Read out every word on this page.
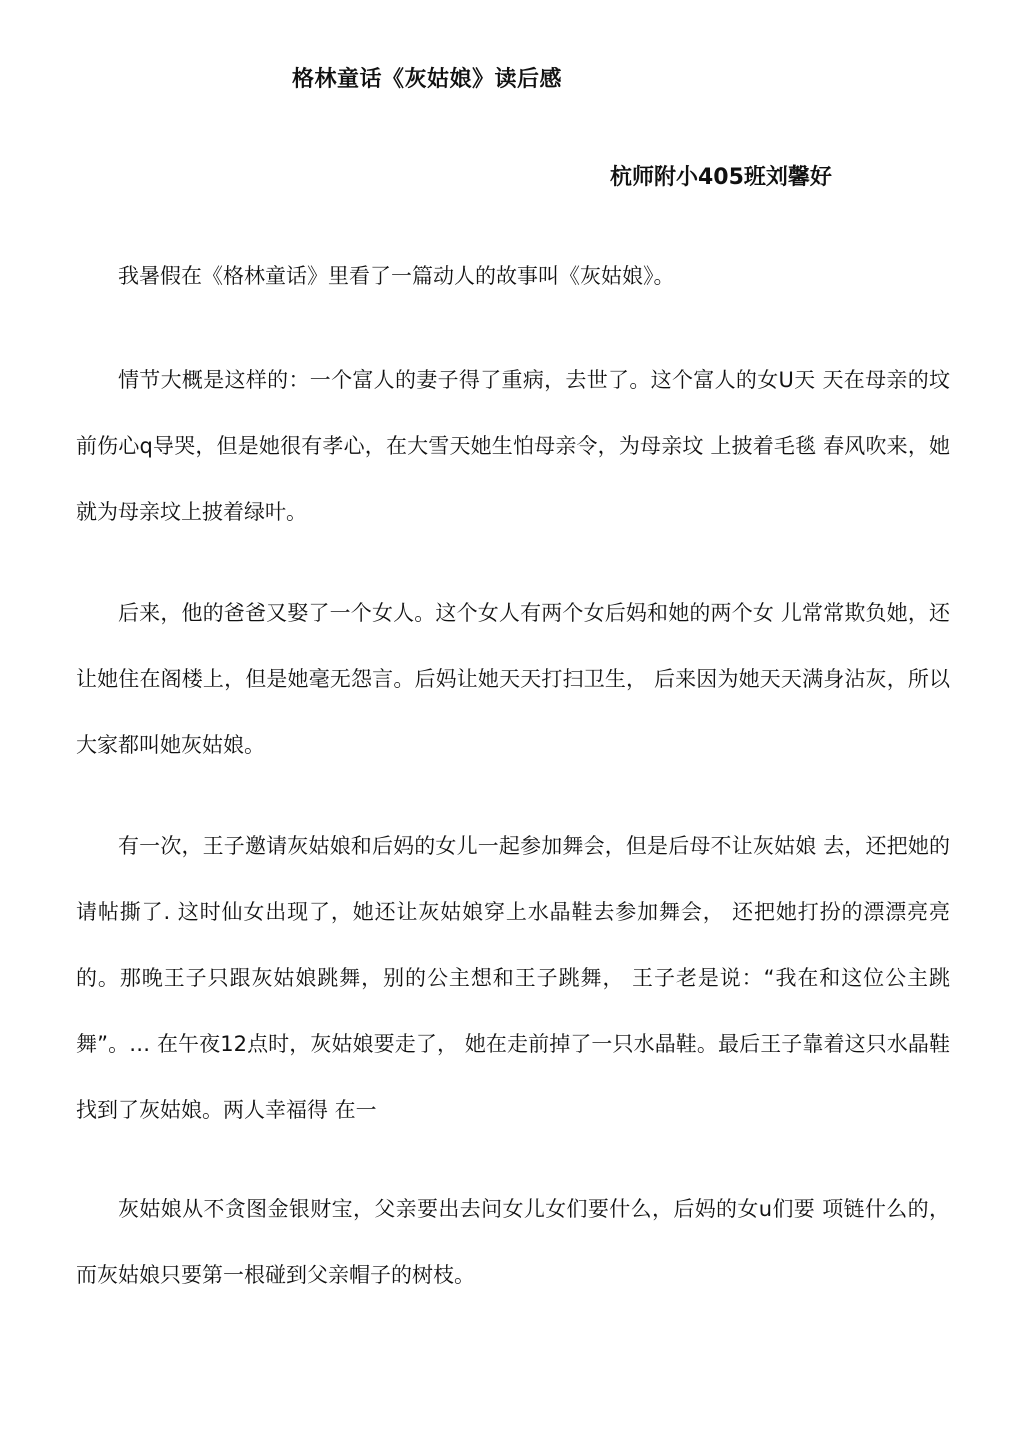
格林童话《灰姑娘》读后感
杭师附小405班刘馨好

我暑假在《格林童话》里看了一篇动人的故事叫《灰姑娘》。

情节大概是这样的：一个富人的妻子得了重病，去世了。这个富人的女U天 天在母亲的坟前伤心q导哭，但是她很有孝心，在大雪天她生怕母亲令，为母亲坟 上披着毛毯 春风吹来，她就为母亲坟上披着绿叶。

后来，他的爸爸又娶了一个女人。这个女人有两个女后妈和她的两个女 儿常常欺负她，还让她住在阁楼上，但是她毫无怨言。后妈让她天天打扫卫生， 后来因为她天天满身沾灰，所以大家都叫她灰姑娘。

有一次，王子邀请灰姑娘和后妈的女儿一起参加舞会，但是后母不让灰姑娘 去，还把她的请帖撕了. 这时仙女出现了，她还让灰姑娘穿上水晶鞋去参加舞会， 还把她打扮的漂漂亮亮的。那晚王子只跟灰姑娘跳舞，别的公主想和王子跳舞， 王子老是说：“我在和这位公主跳舞”。… 在午夜12点时，灰姑娘要走了， 她在走前掉了一只水晶鞋。最后王子靠着这只水晶鞋找到了灰姑娘。两人幸福得 在一

灰姑娘从不贪图金银财宝，父亲要出去问女儿女们要什么，后妈的女u们要 项链什么的，而灰姑娘只要第一根碰到父亲帽子的树枝。
